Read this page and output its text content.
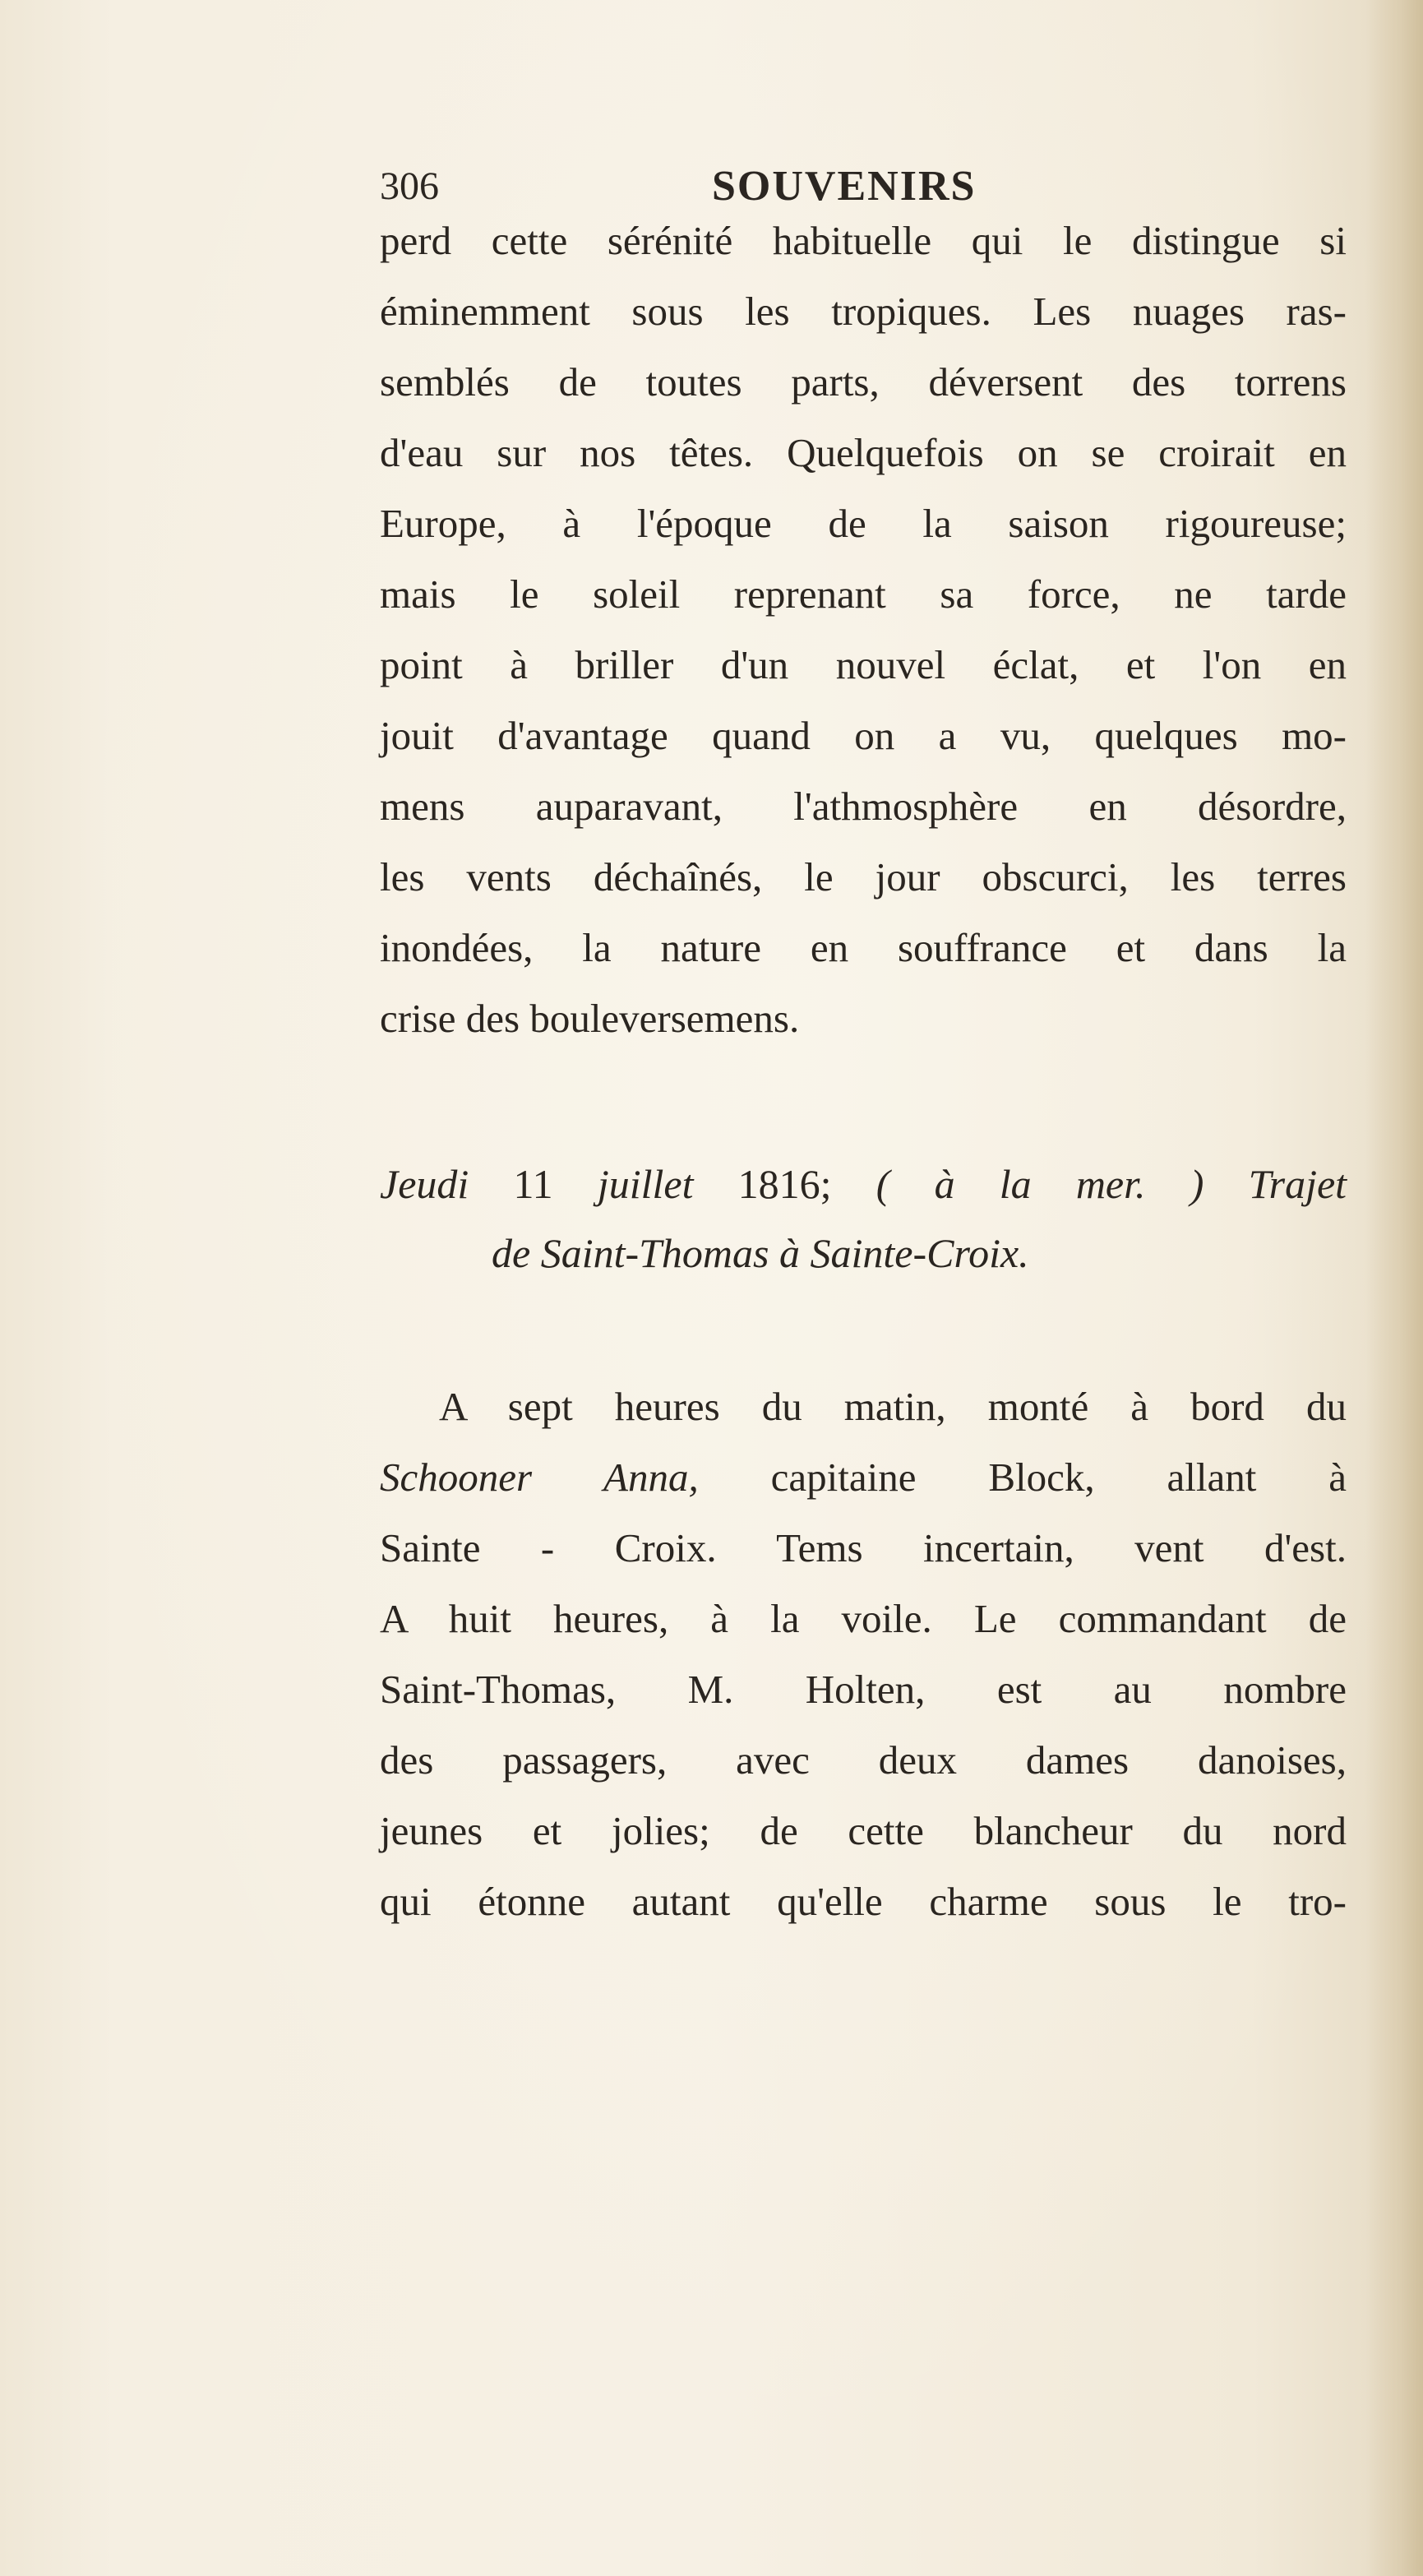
306	SOUVENIRS
perd cette sérénité habituelle qui le distingue si
éminemment sous les tropiques. Les nuages ras-
semblés de toutes parts, déversent des torrens
d'eau sur nos têtes. Quelquefois on se croirait en
Europe, à l'époque de la saison rigoureuse;
mais le soleil reprenant sa force, ne tarde
point à briller d'un nouvel éclat, et l'on en
jouit d'avantage quand on a vu, quelques mo-
mens auparavant, l'athmosphère en désordre,
les vents déchaînés, le jour obscurci, les terres
inondées, la nature en souffrance et dans la
crise des bouleversemens.
Jeudi 11 juillet 1816; ( à la mer. ) Trajet
de Saint-Thomas à Sainte-Croix.
A sept heures du matin, monté à bord du
Schooner Anna, capitaine Block, allant à
Sainte - Croix. Tems incertain, vent d'est.
A huit heures, à la voile. Le commandant de
Saint-Thomas, M. Holten, est au nombre
des passagers, avec deux dames danoises,
jeunes et jolies; de cette blancheur du nord
qui étonne autant qu'elle charme sous le tro-
